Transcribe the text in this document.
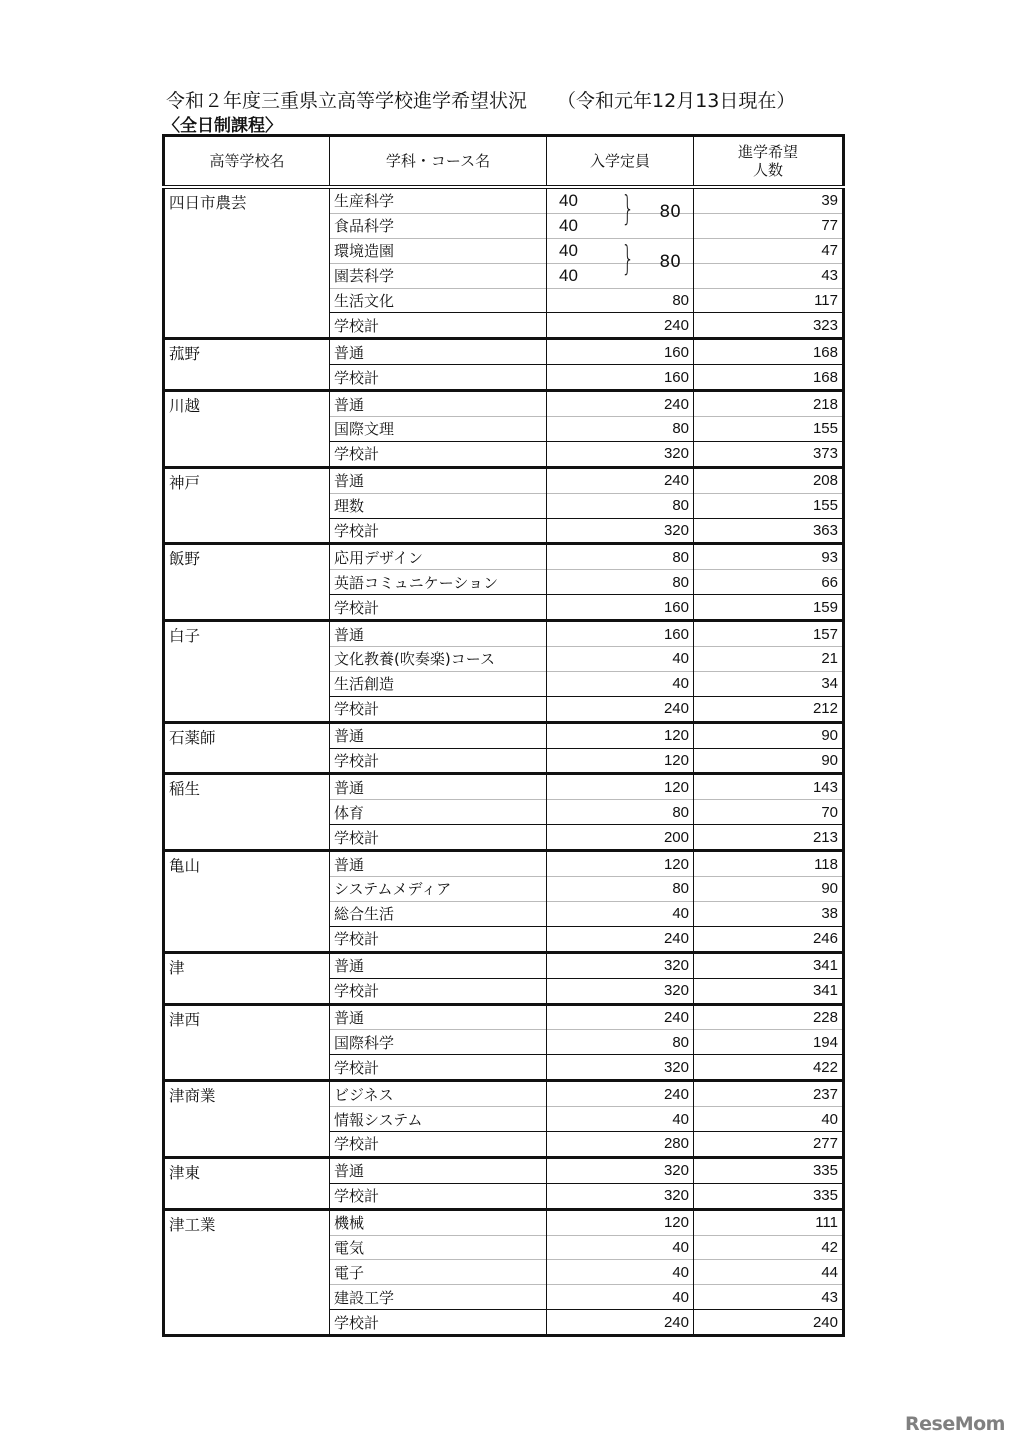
令和２年度三重県立高等学校進学希望状況 （令和元年12月13日現在）
〈全日制課程〉
高等学校名	学科・コース名	入学定員	進学希望
人数
四日市農芸	生産科学	40 } 80	39
	食品科学	40	77
	環境造園	40 } 80	47
	園芸科学	40	43
	生活文化	80	117
	学校計	240	323
菰野	普通	160	168
	学校計	160	168
川越	普通	240	218
	国際文理	80	155
	学校計	320	373
神戸	普通	240	208
	理数	80	155
	学校計	320	363
飯野	応用デザイン	80	93
	英語コミュニケーション	80	66
	学校計	160	159
白子	普通	160	157
	文化教養(吹奏楽)コース	40	21
	生活創造	40	34
	学校計	240	212
石薬師	普通	120	90
	学校計	120	90
稲生	普通	120	143
	体育	80	70
	学校計	200	213
亀山	普通	120	118
	システムメディア	80	90
	総合生活	40	38
	学校計	240	246
津	普通	320	341
	学校計	320	341
津西	普通	240	228
	国際科学	80	194
	学校計	320	422
津商業	ビジネス	240	237
	情報システム	40	40
	学校計	280	277
津東	普通	320	335
	学校計	320	335
津工業	機械	120	111
	電気	40	42
	電子	40	44
	建設工学	40	43
	学校計	240	240
ReseMom
